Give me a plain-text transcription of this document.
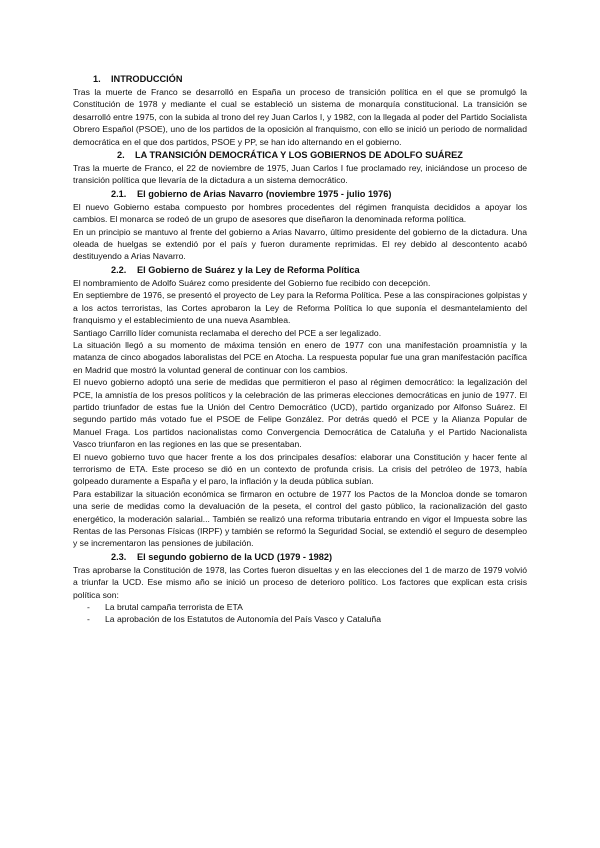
1. INTRODUCCIÓN

Tras la muerte de Franco se desarrolló en España un proceso de transición política en el que se promulgó la Constitución de 1978 y mediante el cual se estableció un sistema de monarquía constitucional. La transición se desarrolló entre 1975, con la subida al trono del rey Juan Carlos I, y 1982, con la llegada al poder del Partido Socialista Obrero Español (PSOE), uno de los partidos de la oposición al franquismo, con ello se inició un periodo de normalidad democrática en el que dos partidos, PSOE y PP, se han ido alternando en el gobierno.

2. LA TRANSICIÓN DEMOCRÁTICA Y LOS GOBIERNOS DE ADOLFO SUÁREZ

Tras la muerte de Franco, el 22 de noviembre de 1975, Juan Carlos I fue proclamado rey, iniciándose un proceso de transición política que llevaría de la dictadura a un sistema democrático.

2.1. El gobierno de Arias Navarro (noviembre 1975 - julio 1976)

El nuevo Gobierno estaba compuesto por hombres procedentes del régimen franquista decididos a apoyar los cambios. El monarca se rodeó de un grupo de asesores que diseñaron la denominada reforma política.

En un principio se mantuvo al frente del gobierno a Arias Navarro, último presidente del gobierno de la dictadura. Una oleada de huelgas se extendió por el país y fueron duramente reprimidas. El rey debido al descontento acabó destituyendo a Arias Navarro.

2.2. El Gobierno de Suárez y la Ley de Reforma Política

El nombramiento de Adolfo Suárez como presidente del Gobierno fue recibido con decepción.

En septiembre de 1976, se presentó el proyecto de Ley para la Reforma Política. Pese a las conspiraciones golpistas y a los actos terroristas, las Cortes aprobaron la Ley de Reforma Política lo que suponía el desmantelamiento del franquismo y el establecimiento de una nueva Asamblea.

Santiago Carrillo líder comunista reclamaba el derecho del PCE a ser legalizado.

La situación llegó a su momento de máxima tensión en enero de 1977 con una manifestación proamnistía y la matanza de cinco abogados laboralistas del PCE en Atocha. La respuesta popular fue una gran manifestación pacífica en Madrid que mostró la voluntad general de continuar con los cambios.

El nuevo gobierno adoptó una serie de medidas que permitieron el paso al régimen democrático: la legalización del PCE, la amnistía de los presos políticos y la celebración de las primeras elecciones democráticas en junio de 1977. El partido triunfador de estas fue la Unión del Centro Democrático (UCD), partido organizado por Alfonso Suárez. El segundo partido más votado fue el PSOE de Felipe González. Por detrás quedó el PCE y la Alianza Popular de Manuel Fraga. Los partidos nacionalistas como Convergencia Democrática de Cataluña y el Partido Nacionalista Vasco triunfaron en las regiones en las que se presentaban.

El nuevo gobierno tuvo que hacer frente a los dos principales desafíos: elaborar una Constitución y hacer fente al terrorismo de ETA. Este proceso se dió en un contexto de profunda crisis. La crisis del petróleo de 1973, había golpeado duramente a España y el paro, la inflación y la deuda pública subían.

Para estabilizar la situación económica se firmaron en octubre de 1977 los Pactos de la Moncloa donde se tomaron una serie de medidas como la devaluación de la peseta, el control del gasto público, la racionalización del gasto energético, la moderación salarial... También se realizó una reforma tributaria entrando en vigor el Impuesta sobre las Rentas de las Personas Físicas (IRPF) y también se reformó la Seguridad Social, se extendió el seguro de desempleo y se incrementaron las pensiones de jubilación.

2.3. El segundo gobierno de la UCD (1979 - 1982)

Tras aprobarse la Constitución de 1978, las Cortes fueron disueltas y en las elecciones del 1 de marzo de 1979 volvió a triunfar la UCD. Ese mismo año se inició un proceso de deterioro político. Los factores que explican esta crisis política son:

- La brutal campaña terrorista de ETA
- La aprobación de los Estatutos de Autonomía del País Vasco y Cataluña
